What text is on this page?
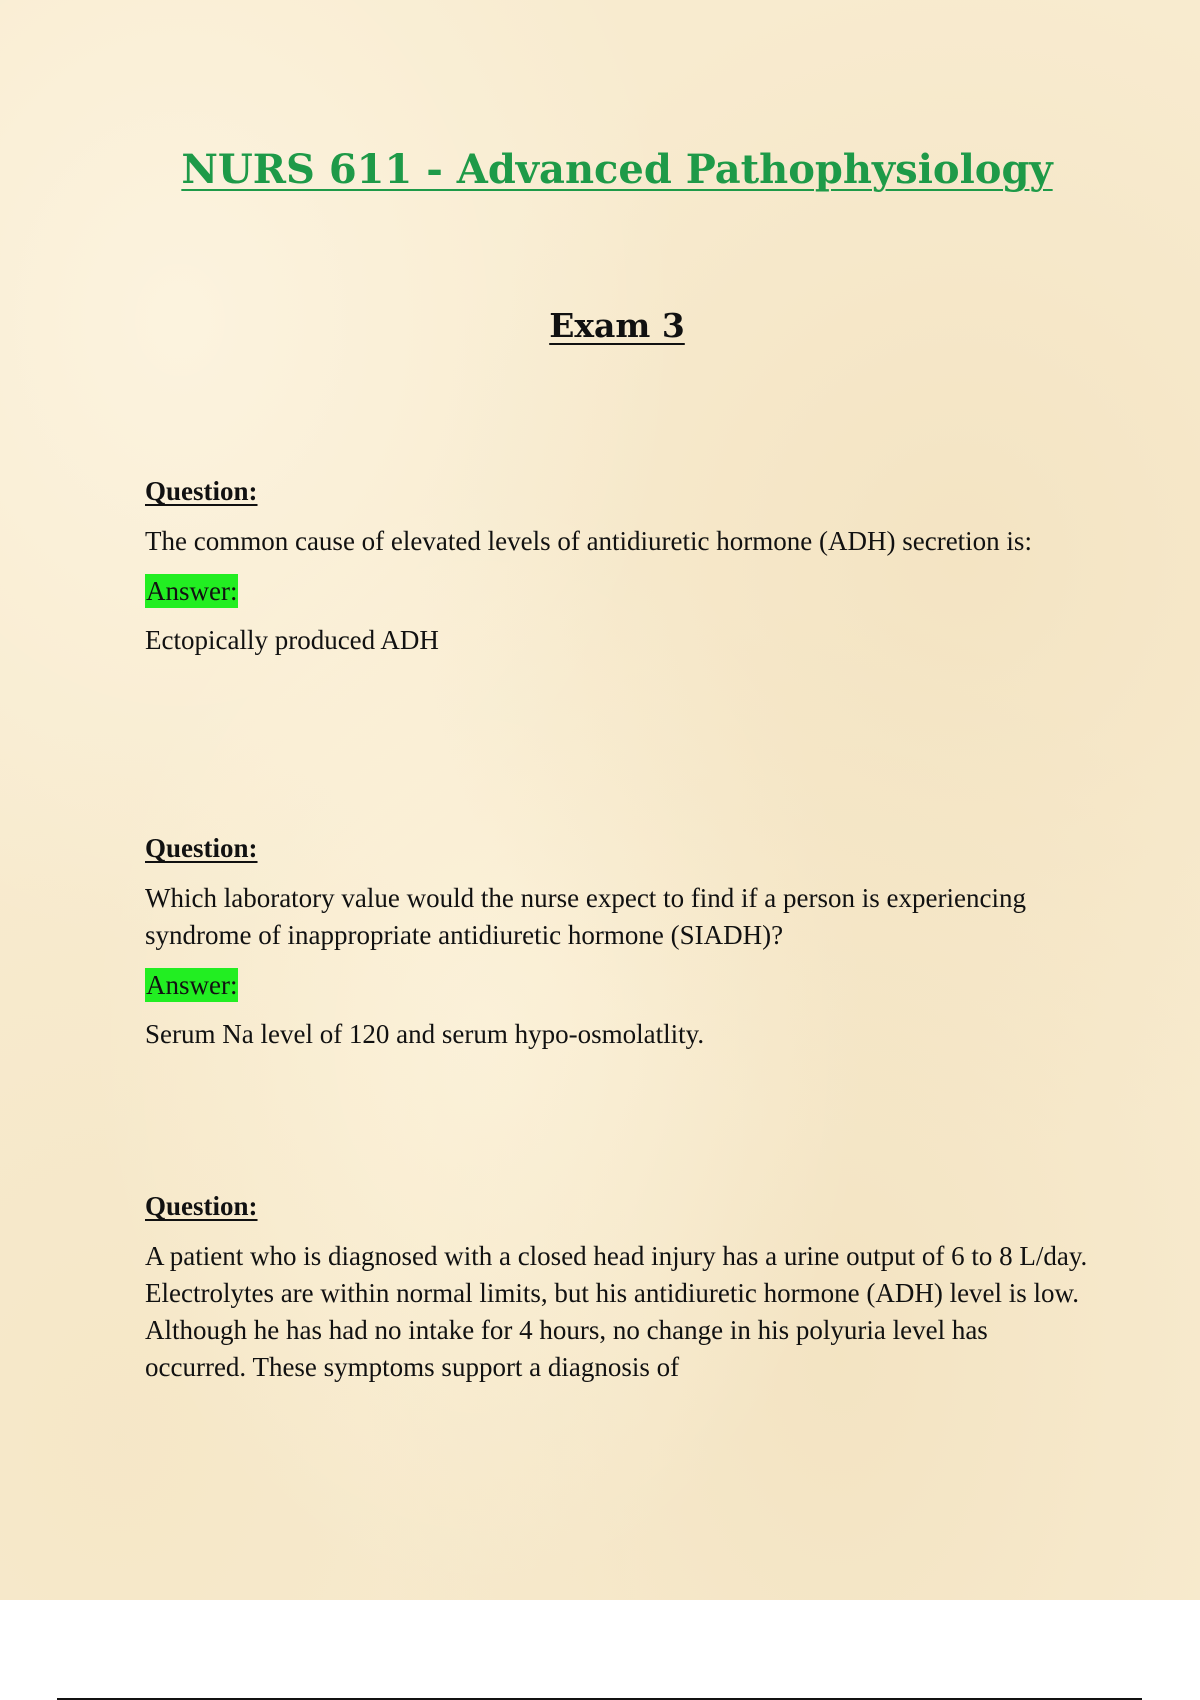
NURS 611 - Advanced Pathophysiology
Exam 3
Question:
The common cause of elevated levels of antidiuretic hormone (ADH) secretion is:
Answer:
Ectopically produced ADH
Question:
Which laboratory value would the nurse expect to find if a person is experiencing syndrome of inappropriate antidiuretic hormone (SIADH)?
Answer:
Serum Na level of 120 and serum hypo-osmolatlity.
Question:
A patient who is diagnosed with a closed head injury has a urine output of 6 to 8 L/day. Electrolytes are within normal limits, but his antidiuretic hormone (ADH) level is low. Although he has had no intake for 4 hours, no change in his polyuria level has occurred. These symptoms support a diagnosis of
